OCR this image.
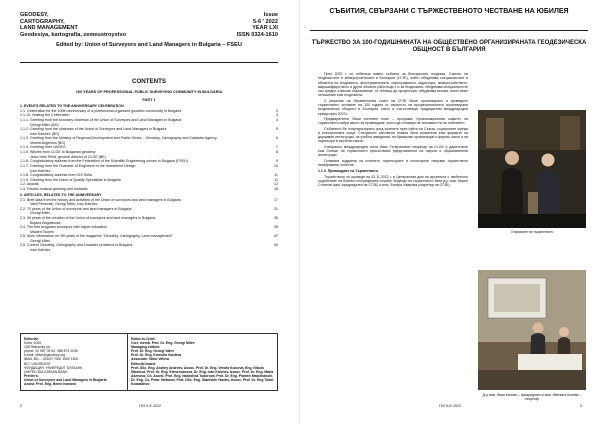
GEODESY,	Issue
CARTOGRAPHY,	5-6 ' 2022
LAND MANAGEMENT	YEAR LXI
Geodesiya, kartografia, zemeustroystvo	ISSN 0324-1610
Edited by: Union of Surveyors and Land Managers in Bulgaria – FSEU
CONTENTS
100 YEARS OF PROFESSIONAL PUBLIC SURVEYING COMMUNITY IN BULGARIA
PART 1
1. EVENTS RELATED TO THE ANNIVERSARY CELEBRATION
1.1. Celebration for the 100th anniversary of a professional organized geodetic community in Bulgaria	3
1.1.10. Hosting the Celebration	3
1.1.1. Greeting from the honorary chairman of the Union of Surveyors and Land Managers in Bulgaria	4
Georgi Milev (BG)
1.1.2. Greeting from the chairman of the Union of Surveyors and Land Managers in Bulgaria	5
Ivan Kalchev (BG)
1.1.3. Greeting from the Ministry of Regional Development and Public Works – Geodesy, Cartography and Cadastre Agency	6
Vesela Angelova (BG)
1.1.4. Greeting from UACEG	7
1.1.5. Wishes from CLGE to Bulgarian geodesy	8
Jean-Yves Pirlot, general director of CLGE (BE)
1.1.6. Congratulatory address from the Federation of the Scientific Engineering unions in Bulgaria (FSEU)	9
1.1.7. Greeting from the Chamber of Engineers in the Investment Design	10
Ivan Kalchev
1.1.8. Congratulatory address from GIS Sofia	11
1.1.9. Greeting from the Union of Quality Specialists in Bulgaria	11
1.2. Awards	12
1.3. Festive musical greeting and cocktails	16
2. ARTICLES, RELATED TO THE ANNIVERSARY
2.1. Brief data from the history and activities of the Union of surveyors and land managers in Bulgaria	17
Vasil Penevski, Georgi Milev, Ivan Kalchev
2.2. 70 years of the Union of surveyors and land managers in Bulgaria	31
Georgi Milev
2.3. 95 years of the creation of the Union of surveyors and land managers in Bulgaria	35
Bojana Bogdanova
2.4. The first bulgarian surveyors with higher education	39
Mladen Tsonev
2.5. More information on "60 years of the magazine "Geodesy, Cartography, Land management"	47
Georgi Milev
2.6. Current Geodesy, Cartography and Cadastre problems in Bulgaria	50
Ivan Kalchev
Editorial:
Sofia, 1000,
108 Rakovsky str.,
phone: 02 987 05 52, 088 873 1036
e-mail: office@geodesy.org
IBAN: BG… UNCR 7000 1500 1500
BIC: UNCRBGSF
ФОНДАЦИЯ: УНИКРЕДИТ БУЛБАНК
UNITED BULGARIAN BANK
Printer's:
Union of Surveyors and Land Managers in Bulgaria
Assist. Prof. Eng. Belen Ivanova
Editor-in-Chief:
Corr. memb. Prof. Dr. Eng. Georgi Milev
Managing editors:
Prof. Dr. Eng. Georgi Valev
Prof. Dr. Eng. Kornelia Vasileva
Associate: Nikol Veleva
Editorial board:
Prof. DSc. Eng. Andrey Andreev, Assoc. Prof. Dr. Eng. Venela Kolcova, Eng. Nikola Nikolova, Prof. Dr. Eng. Elena Ivanova, Dr. Eng. Ivan Kalchev, Assoc. Prof. Dr. Eng. Maria Asenova, Ch. Assist. Prof. Eng. Nadezhda Todorova, Prof. Dr. Eng. Plamen Maldzhanski, Dr. Eng. Co. Petar Stefanov, Prof. DSc. Eng. Stanislav Vasilev, Assoc. Prof. Dr. Eng Todor Kostadinov
2	ГКЗ 5-6' 2022
СЪБИТИЯ, СВЪРЗАНИ С ТЪРЖЕСТВЕНОТО ЧЕСТВАНЕ НА ЮБИЛЕЯ
ТЪРЖЕСТВО ЗА 100-ГОДИШНИНАТА НА ОБЩЕСТВЕНО ОРГАНИЗИРАНАТА ГЕОДЕЗИЧЕСКА ОБЩНОСТ В БЪЛГАРИЯ

През 2022 г. се отбеляза важно събитие за българската геодезия. Съюзът на геодезистите и земеустроителите в България (СГЗБ), който обединява специалистите в областта на геодезията, фотограметрията, картографията, кадастъра, земеустройството, маркшайдерството и други области работещи с и за геодезията, обединява специалистите със средно и висше образование, от техници до професори, обединява всички, които имат отношение към геодезията.

С решение на Управителния съвет на СГЗБ беше организирано и проведено тържествено честване на 100 години от началото на професионалната организирана геодезическа общност в България, както и съпътстващи традиционни международни срещи през 2023 г.

Предварително беше изготвен план – програма. Организационния комитет на тържеството избра място за провеждане, което да отговаря на значимостта на събитието.

Събитието бе популяризирано сред колегите през сайта на Съюза, социалните мрежи и електронната поща. Специално изготвени покани бяха изпратени към фирмите на държавни институции, на учебни заведения, на браншови организации и фирми, както и на партньори в изучени съюзи.

Специално международни гости бяха: Генералният секретар на CLGE и дарителите към Съюза, на тържеството присъстваха представители на научни и образователни институции.

Голямата подкрепа на колегите, партньорите и спонсорите направи тържеството незабравимо събитие.

1.1.0. Провеждане на Тържеството

Тържеството се проведе на 02.11.2022 г. в Централния дом на архитекта с любезното съдействие на Военно-географската служба. Водещи на тържеството бяха д-р инж. Кирил Стоянов (зам.-председател на СГЗБ) и инж. Бисера Иванова (секретар на СГЗБ).

Откриване на тържеството
Д-р инж. Иван Калчев – председател и инж. Ивелина Колева – секретар
ГКЗ 5-6' 2022	3
